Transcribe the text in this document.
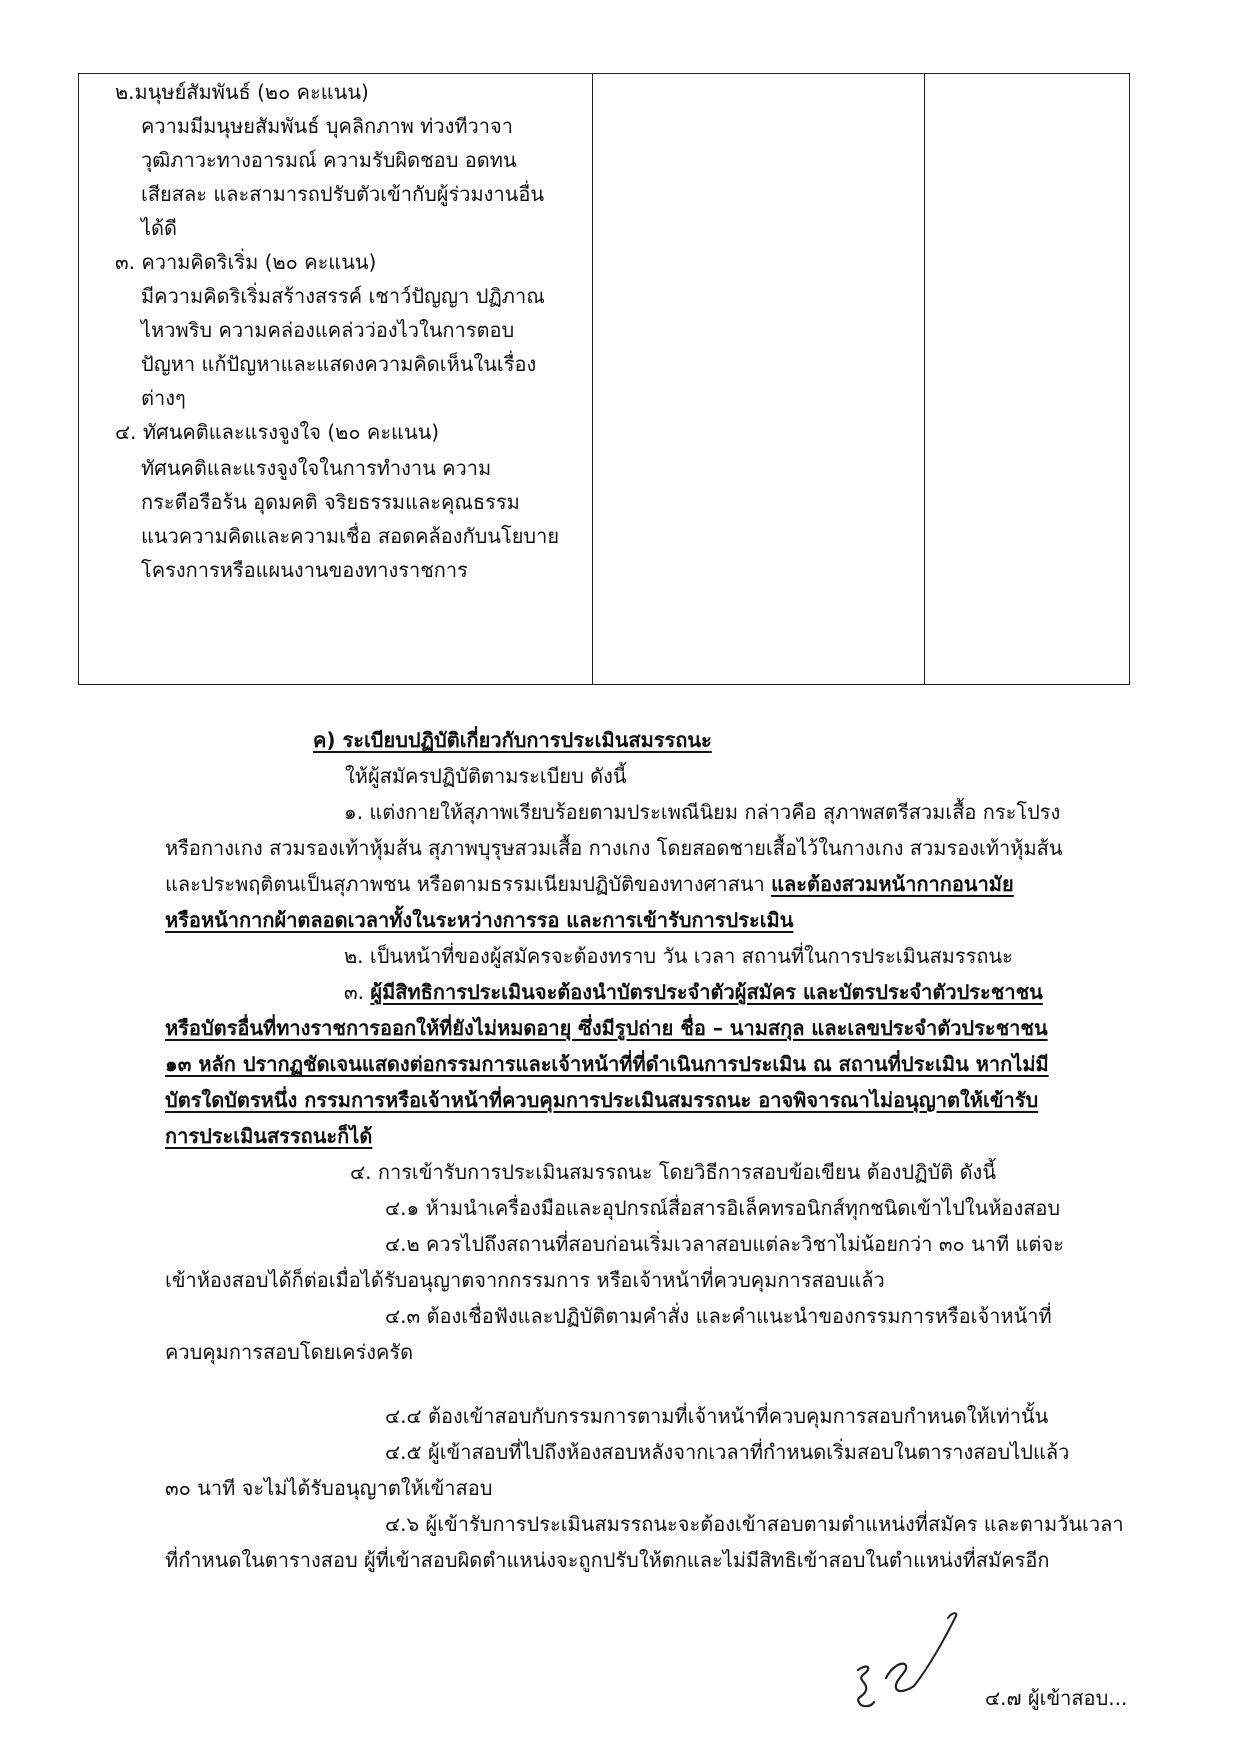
๒.มนุษย์สัมพันธ์ (๒๐ คะแนน)
ความมีมนุษยสัมพันธ์ บุคลิกภาพ ท่วงทีวาจา
วุฒิภาวะทางอารมณ์ ความรับผิดชอบ อดทน
เสียสละ และสามารถปรับตัวเข้ากับผู้ร่วมงานอื่น
ได้ดี
๓. ความคิดริเริ่ม (๒๐ คะแนน)
มีความคิดริเริ่มสร้างสรรค์ เชาว์ปัญญา ปฏิภาณ
ไหวพริบ ความคล่องแคล่วว่องไวในการตอบ
ปัญหา แก้ปัญหาและแสดงความคิดเห็นในเรื่อง
ต่างๆ
๔. ทัศนคติและแรงจูงใจ (๒๐ คะแนน)
ทัศนคติและแรงจูงใจในการทำงาน ความ
กระตือรือร้น อุดมคติ จริยธรรมและคุณธรรม
แนวความคิดและความเชื่อ สอดคล้องกับนโยบาย
โครงการหรือแผนงานของทางราชการ
ค) ระเบียบปฏิบัติเกี่ยวกับการประเมินสมรรถนะ
ให้ผู้สมัครปฏิบัติตามระเบียบ ดังนี้
๑. แต่งกายให้สุภาพเรียบร้อยตามประเพณีนิยม กล่าวคือ สุภาพสตรีสวมเสื้อ กระโปรง
หรือกางเกง สวมรองเท้าหุ้มส้น สุภาพบุรุษสวมเสื้อ กางเกง โดยสอดชายเสื้อไว้ในกางเกง สวมรองเท้าหุ้มส้น
และประพฤติตนเป็นสุภาพชน หรือตามธรรมเนียมปฏิบัติของทางศาสนา และต้องสวมหน้ากากอนามัย
หรือหน้ากากผ้าตลอดเวลาทั้งในระหว่างการรอ และการเข้ารับการประเมิน
๒. เป็นหน้าที่ของผู้สมัครจะต้องทราบ วัน เวลา สถานที่ในการประเมินสมรรถนะ
๓. ผู้มีสิทธิการประเมินจะต้องนำบัตรประจำตัวผู้สมัคร และบัตรประจำตัวประชาชน
หรือบัตรอื่นที่ทางราชการออกให้ที่ยังไม่หมดอายุ ซึ่งมีรูปถ่าย ชื่อ – นามสกุล และเลขประจำตัวประชาชน
๑๓ หลัก ปรากฏชัดเจนแสดงต่อกรรมการและเจ้าหน้าที่ที่ดำเนินการประเมิน ณ สถานที่ประเมิน หากไม่มี
บัตรใดบัตรหนึ่ง กรรมการหรือเจ้าหน้าที่ควบคุมการประเมินสมรรถนะ อาจพิจารณาไม่อนุญาตให้เข้ารับ
การประเมินสรรถนะก็ได้
๔. การเข้ารับการประเมินสมรรถนะ โดยวิธีการสอบข้อเขียน ต้องปฏิบัติ ดังนี้
๔.๑ ห้ามนำเครื่องมือและอุปกรณ์สื่อสารอิเล็คทรอนิกส์ทุกชนิดเข้าไปในห้องสอบ
๔.๒ ควรไปถึงสถานที่สอบก่อนเริ่มเวลาสอบแต่ละวิชาไม่น้อยกว่า ๓๐ นาที แต่จะ
เข้าห้องสอบได้ก็ต่อเมื่อได้รับอนุญาตจากกรรมการ หรือเจ้าหน้าที่ควบคุมการสอบแล้ว
๔.๓ ต้องเชื่อฟังและปฏิบัติตามคำสั่ง และคำแนะนำของกรรมการหรือเจ้าหน้าที่
ควบคุมการสอบโดยเคร่งครัด
๔.๔ ต้องเข้าสอบกับกรรมการตามที่เจ้าหน้าที่ควบคุมการสอบกำหนดให้เท่านั้น
๔.๕ ผู้เข้าสอบที่ไปถึงห้องสอบหลังจากเวลาที่กำหนดเริ่มสอบในตารางสอบไปแล้ว
๓๐ นาที จะไม่ได้รับอนุญาตให้เข้าสอบ
๔.๖ ผู้เข้ารับการประเมินสมรรถนะจะต้องเข้าสอบตามตำแหน่งที่สมัคร และตามวันเวลา
ที่กำหนดในตารางสอบ ผู้ที่เข้าสอบผิดตำแหน่งจะถูกปรับให้ตกและไม่มีสิทธิเข้าสอบในตำแหน่งที่สมัครอีก
๔.๗ ผู้เข้าสอบ...
